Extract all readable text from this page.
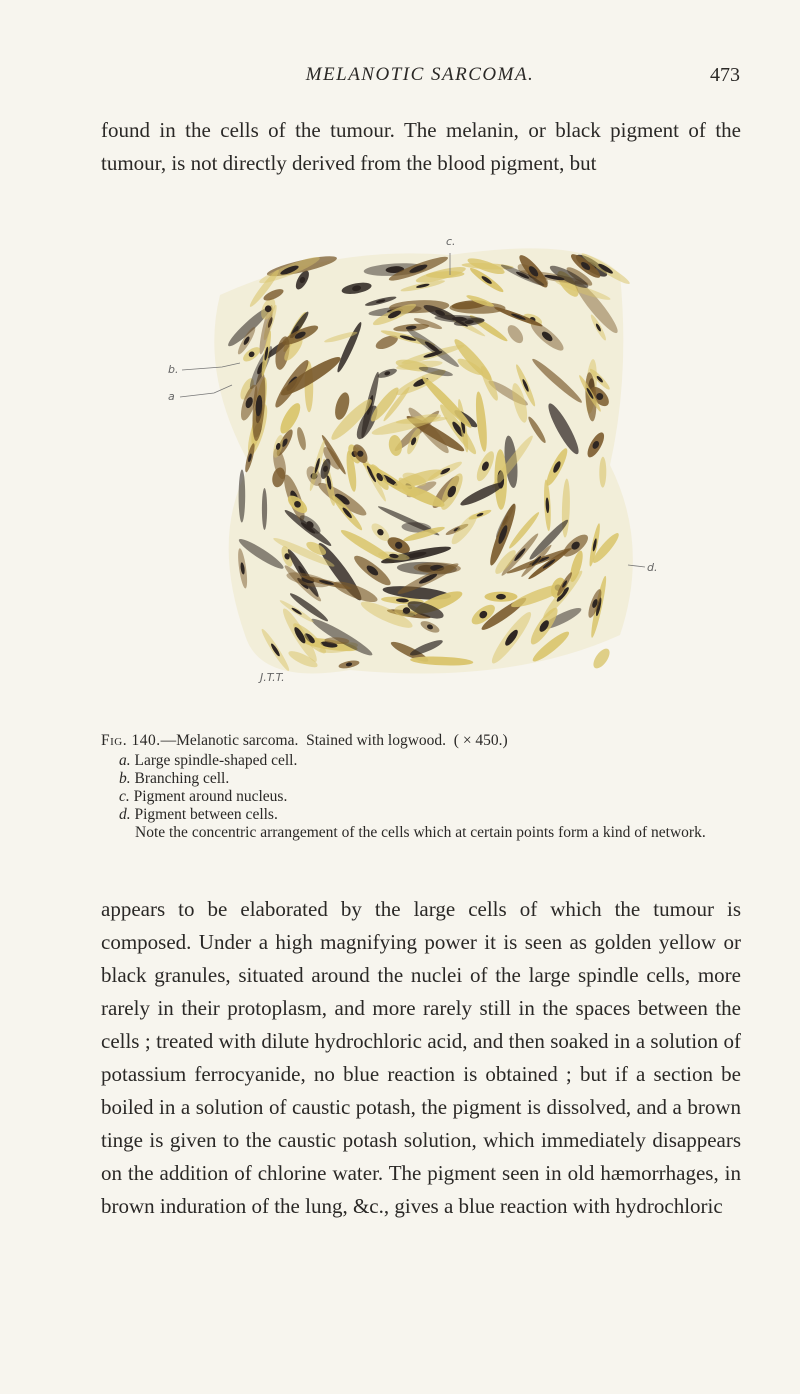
MELANOTIC SARCOMA.	473

found in the cells of the tumour. The melanin, or black pigment of the tumour, is not directly derived from the blood pigment, but

c.
b.
a
d.
J.T.T.

Fig. 140.—Melanotic sarcoma. Stained with logwood. ( × 450.)

a. Large spindle-shaped cell.
b. Branching cell.
c. Pigment around nucleus.
d. Pigment between cells.

Note the concentric arrangement of the cells which at certain points form a kind of network.

appears to be elaborated by the large cells of which the tumour is composed. Under a high magnifying power it is seen as golden yellow or black granules, situated around the nuclei of the large spindle cells, more rarely in their protoplasm, and more rarely still in the spaces between the cells ; treated with dilute hydrochloric acid, and then soaked in a solution of potassium ferrocyanide, no blue reaction is obtained ; but if a section be boiled in a solution of caustic potash, the pigment is dissolved, and a brown tinge is given to the caustic potash solution, which immediately disappears on the addition of chlorine water. The pigment seen in old hæmorrhages, in brown induration of the lung, &c., gives a blue reaction with hydrochloric
